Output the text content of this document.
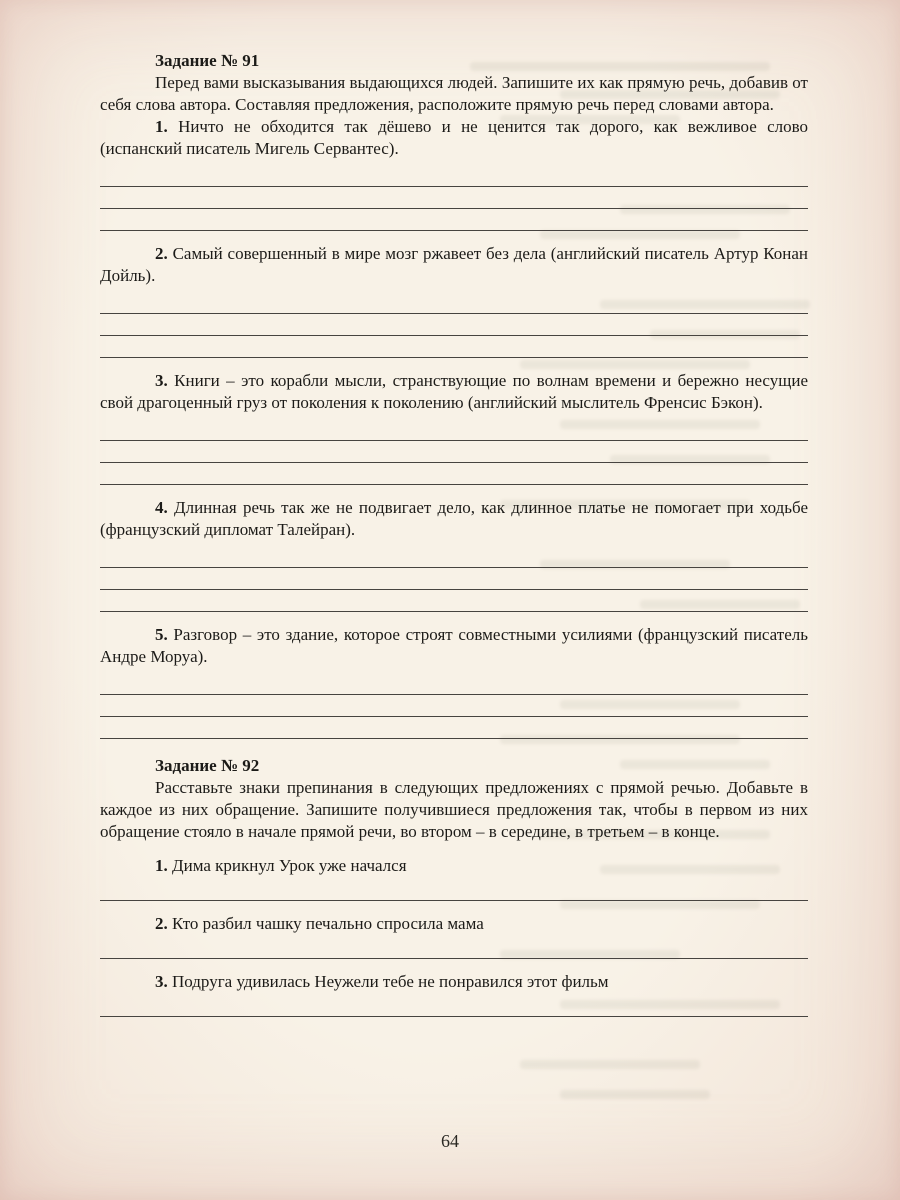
Задание № 91

Перед вами высказывания выдающихся людей. Запишите их как прямую речь, добавив от себя слова автора. Составляя предложения, расположите прямую речь перед словами автора.

1. Ничто не обходится так дёшево и не ценится так дорого, как вежливое слово (испанский писатель Мигель Сервантес).

2. Самый совершенный в мире мозг ржавеет без дела (английский писатель Артур Конан Дойль).

3. Книги – это корабли мысли, странствующие по волнам времени и бережно несущие свой драгоценный груз от поколения к поколению (английский мыслитель Френсис Бэкон).

4. Длинная речь так же не подвигает дело, как длинное платье не помогает при ходьбе (французский дипломат Талейран).

5. Разговор – это здание, которое строят совместными усилиями (французский писатель Андре Моруа).

Задание № 92

Расставьте знаки препинания в следующих предложениях с прямой речью. Добавьте в каждое из них обращение. Запишите получившиеся предложения так, чтобы в первом из них обращение стояло в начале прямой речи, во втором – в середине, в третьем – в конце.

1. Дима крикнул Урок уже начался

2. Кто разбил чашку печально спросила мама

3. Подруга удивилась Неужели тебе не понравился этот фильм

64
